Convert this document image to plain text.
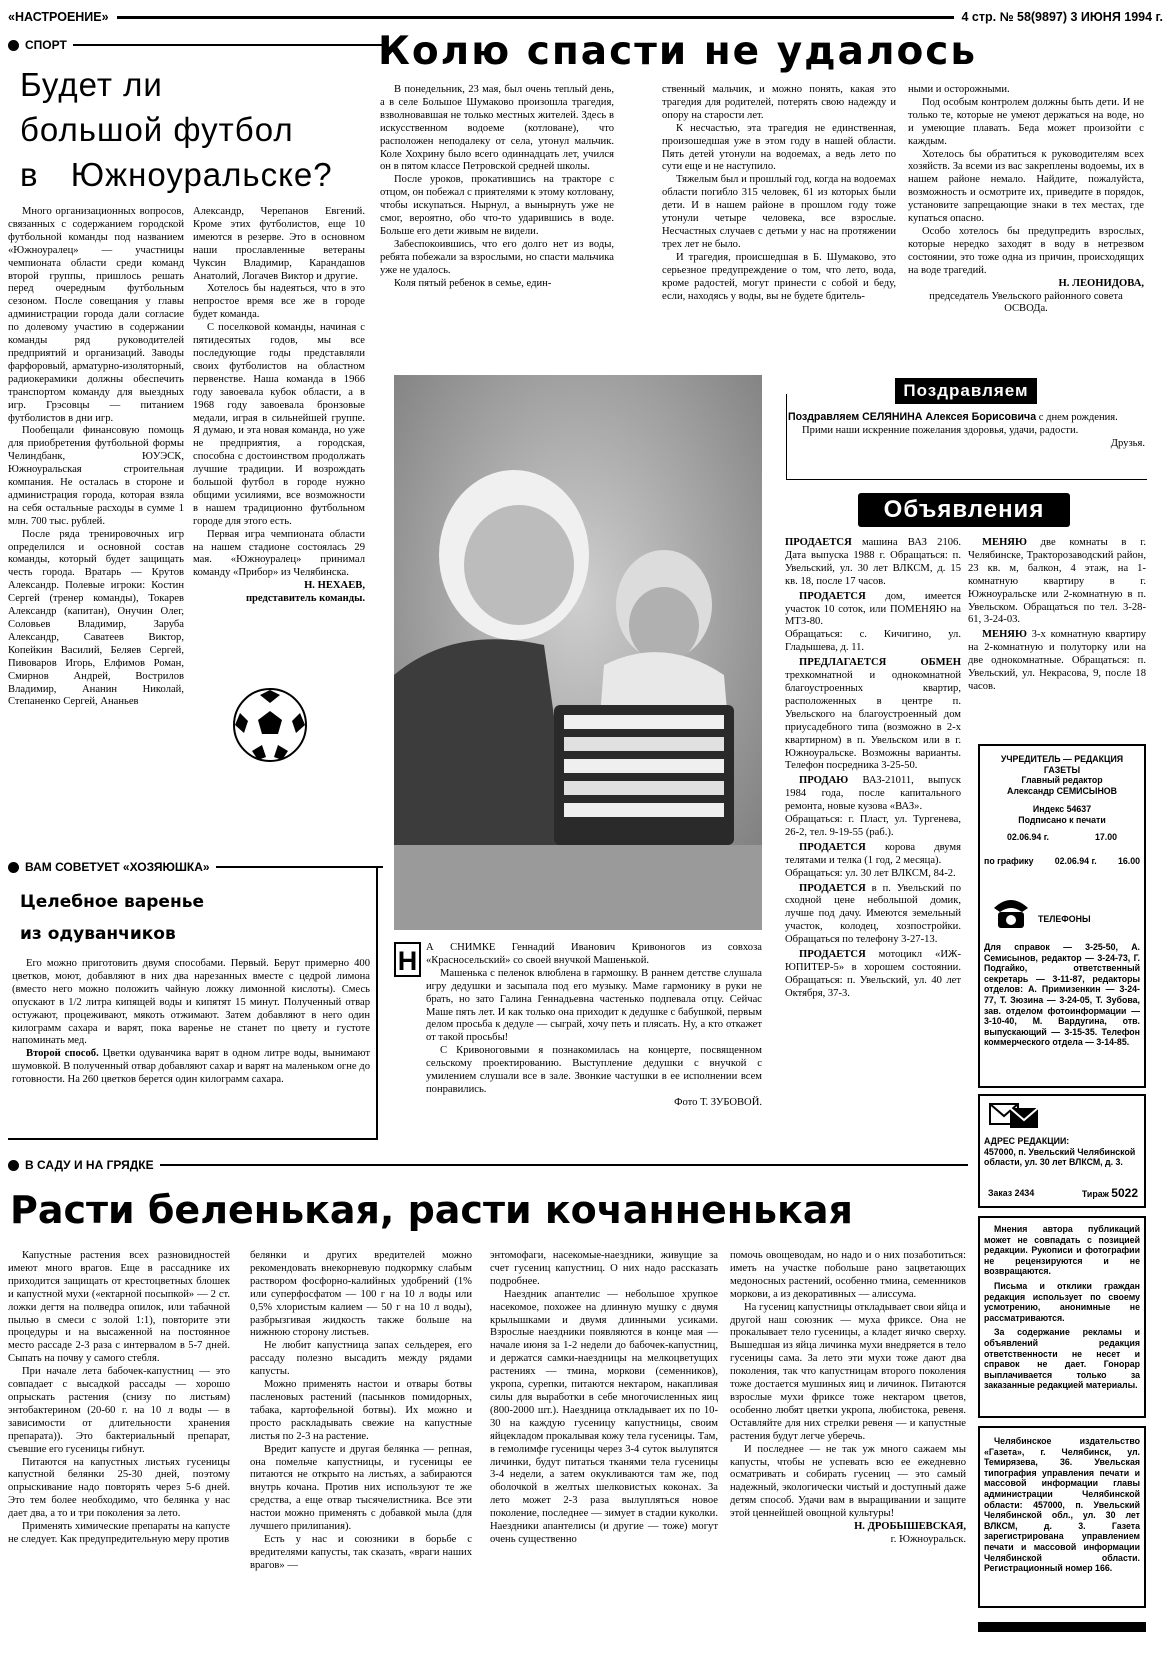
«НАСТРОЕНИЕ»	4 стр. № 58(9897) 3 ИЮНЯ 1994 г.
СПОРТ
Будет ли
большой футбол
в Южноуральске?

Много организационных вопросов, связанных с содержанием городской футбольной команды под названием «Южноуралец» — участницы чемпионата области среди команд второй группы, пришлось решать перед очередным футбольным сезоном. После совещания у главы администрации города дали согласие по долевому участию в содержании команды ряд руководителей предприятий и организаций. Заводы фарфоровый, арматурно-изоляторный, радиокерамики должны обеспечить транспортом команду для выездных игр. Грэсовцы — питанием футболистов в дни игр.

Пообещали финансовую помощь для приобретения футбольной формы Челиндбанк, ЮУЭСК, Южноуральская строительная компания. Не осталась в стороне и администрация города, которая взяла на себя остальные расходы в сумме 1 млн. 700 тыс. рублей.

После ряда тренировочных игр определился и основной состав команды, который будет защищать честь города. Вратарь — Крутов Александр. Полевые игроки: Костин Сергей (тренер команды), Токарев Александр (капитан), Онучин Олег, Соловьев Владимир, Заруба Александр, Саватеев Виктор, Копейкин Василий, Беляев Сергей, Пивоваров Игорь, Елфимов Роман, Смирнов Андрей, Вострилов Владимир, Ананин Николай, Степаненко Сергей, Ананьев

Александр, Черепанов Евгений. Кроме этих футболистов, еще 10 имеются в резерве. Это в основном наши прославленные ветераны Чуксин Владимир, Карандашов Анатолий, Логачев Виктор и другие.

Хотелось бы надеяться, что в это непростое время все же в городе будет команда.

С поселковой команды, начиная с пятидесятых годов, мы все последующие годы представляли своих футболистов на областном первенстве. Наша команда в 1966 году завоевала кубок области, а в 1968 году завоевала бронзовые медали, играя в сильнейшей группе. Я думаю, и эта новая команда, но уже не предприятия, а городская, способна с достоинством продолжать лучшие традиции. И возрождать большой футбол в городе нужно общими усилиями, все возможности в нашем традиционно футбольном городе для этого есть.

Первая игра чемпионата области на нашем стадионе состоялась 29 мая. «Южноуралец» принимал команду «Прибор» из Челябинска.

Н. НЕХАЕВ,
представитель команды.
Колю спасти не удалось

В понедельник, 23 мая, был очень теплый день, а в селе Большое Шумаково произошла трагедия, взволновавшая не только местных жителей. Здесь в искусственном водоеме (котловане), что расположен неподалеку от села, утонул мальчик. Коле Хохрину было всего одиннадцать лет, учился он в пятом классе Петровской средней школы.

После уроков, прокатившись на тракторе с отцом, он побежал с приятелями к этому котловану, чтобы искупаться. Нырнул, а вынырнуть уже не смог, вероятно, обо что-то ударившись в воде. Больше его дети живым не видели.

Забеспокоившись, что его долго нет из воды, ребята побежали за взрослыми, но спасти мальчика уже не удалось.

Коля пятый ребенок в семье, един-

ственный мальчик, и можно понять, какая это трагедия для родителей, потерять свою надежду и опору на старости лет.

К несчастью, эта трагедия не единственная, произошедшая уже в этом году в нашей области. Пять детей утонули на водоемах, а ведь лето по сути еще и не наступило.

Тяжелым был и прошлый год, когда на водоемах области погибло 315 человек, 61 из которых были дети. И в нашем районе в прошлом году тоже утонули четыре человека, все взрослые. Несчастных случаев с детьми у нас на протяжении трех лет не было.

И трагедия, происшедшая в Б. Шумаково, это серьезное предупреждение о том, что лето, вода, кроме радостей, могут принести с собой и беду, если, находясь у воды, вы не будете бдитель-

ными и осторожными.

Под особым контролем должны быть дети. И не только те, которые не умеют держаться на воде, но и умеющие плавать. Беда может произойти с каждым.

Хотелось бы обратиться к руководителям всех хозяйств. За всеми из вас закреплены водоемы, их в нашем районе немало. Найдите, пожалуйста, возможность и осмотрите их, приведите в порядок, установите запрещающие знаки в тех местах, где купаться опасно.

Особо хотелось бы предупредить взрослых, которые нередко заходят в воду в нетрезвом состоянии, это тоже одна из причин, происходящих на воде трагедий.

Н. ЛЕОНИДОВА,
председатель Увельского районного совета ОСВОДа.
Н А СНИМКЕ Геннадий Иванович Кривоногов из совхоза «Красносельский» со своей внучкой Машенькой.

Машенька с пеленок влюблена в гармошку. В раннем детстве слушала игру дедушки и засыпала под его музыку. Маме гармонику в руки не брать, но зато Галина Геннадьевна частенько подпевала отцу. Сейчас Маше пять лет. И как только она приходит к дедушке с бабушкой, первым делом просьба к дедуле — сыграй, хочу петь и плясать. Ну, а кто откажет от такой просьбы!

С Кривоноговыми я познакомилась на концерте, посвященном сельскому проектированию. Выступление дедушки с внучкой с умилением слушали все в зале. Звонкие частушки в ее исполнении всем понравились.

Фото Т. ЗУБОВОЙ.
Поздравляем
Поздравляем СЕЛЯНИНА Алексея Борисовича с днем рождения.
Прими наши искренние пожелания здоровья, удачи, радости.
Друзья.
Объявления

ПРОДАЕТСЯ машина ВАЗ 2106. Дата выпуска 1988 г. Обращаться: п. Увельский, ул. 30 лет ВЛКСМ, д. 15 кв. 18, после 17 часов.

ПРОДАЕТСЯ дом, имеется участок 10 соток, или ПОМЕНЯЮ на МТЗ-80.
Обращаться: с. Кичигино, ул. Гладышева, д. 11.

ПРЕДЛАГАЕТСЯ ОБМЕН трехкомнатной и однокомнатной благоустроенных квартир, расположенных в центре п. Увельского на благоустроенный дом приусадебного типа (возможно в 2-х квартирном) в п. Увельском или в г. Южноуральске. Возможны варианты. Телефон посредника 3-25-50.

ПРОДАЮ ВАЗ-21011, выпуск 1984 года, после капитального ремонта, новые кузова «ВАЗ».
Обращаться: г. Пласт, ул. Тургенева, 26-2, тел. 9-19-55 (раб.).

ПРОДАЕТСЯ корова двумя телятами и телка (1 год, 2 месяца).
Обращаться: ул. 30 лет ВЛКСМ, 84-2.

ПРОДАЕТСЯ в п. Увельский по сходной цене небольшой домик, лучше под дачу. Имеются земельный участок, колодец, хозпостройки. Обращаться по телефону 3-27-13.

ПРОДАЕТСЯ мотоцикл «ИЖ-ЮПИТЕР-5» в хорошем состоянии. Обращаться: п. Увельский, ул. 40 лет Октября, 37-3.

МЕНЯЮ две комнаты в г. Челябинске, Тракторозаводский район, 23 кв. м, балкон, 4 этаж, на 1-комнатную квартиру в г. Южноуральске или 2-комнатную в п. Увельском. Обращаться по тел. 3-28-61, 3-24-03.

МЕНЯЮ 3-х комнатную квартиру на 2-комнатную и полуторку или на две однокомнатные. Обращаться: п. Увельский, ул. Некрасова, 9, после 18 часов.

УЧРЕДИТЕЛЬ — РЕДАКЦИЯ ГАЗЕТЫ
Главный редактор
Александр СЕМИСЫНОВ
Индекс 54637
Подписано к печати
02.06.94 г.	17.00
по графику 02.06.94 г. 16.00
ТЕЛЕФОНЫ
Для справок — 3-25-50, А. Семисынов, редактор — 3-24-73, Г. Подгайко, ответственный секретарь — 3-11-87, редакторы отделов: А. Примизенкин — 3-24-77, Т. Зюзина — 3-24-05, Т. Зубова, зав. отделом фотоинформации — 3-10-40, М. Вардугина, отв. выпускающий — 3-15-35. Телефон коммерческого отдела — 3-14-85.
АДРЕС РЕДАКЦИИ:
457000, п. Увельский Челябинской области, ул. 30 лет ВЛКСМ, д. 3.
Заказ 2434	Тираж 5022

Мнения автора публикаций может не совпадать с позицией редакции. Рукописи и фотографии не рецензируются и не возвращаются.

Письма и отклики граждан редакция использует по своему усмотрению, анонимные не рассматриваются.

За содержание рекламы и объявлений редакция ответственности не несет и справок не дает. Гонорар выплачивается только за заказанные редакцией материалы.

Челябинское издательство «Газета», г. Челябинск, ул. Темирязева, 36. Увельская типография управления печати и массовой информации главы администрации Челябинской области: 457000, п. Увельский Челябинской обл., ул. 30 лет ВЛКСМ, д. 3. Газета зарегистрирована управлением печати и массовой информации Челябинской области. Регистрационный номер 166.
ВАМ СОВЕТУЕТ «ХОЗЯЮШКА»
Целебное варенье
из одуванчиков

Его можно приготовить двумя способами. Первый. Берут примерно 400 цветков, моют, добавляют в них два нарезанных вместе с цедрой лимона (вместо него можно положить чайную ложку лимонной кислоты). Смесь опускают в 1/2 литра кипящей воды и кипятят 15 минут. Полученный отвар остужают, процеживают, мякоть отжимают. Затем добавляют в него один килограмм сахара и варят, пока варенье не станет по цвету и густоте напоминать мед.

Второй способ. Цветки одуванчика варят в одном литре воды, вынимают шумовкой. В полученный отвар добавляют сахар и варят на маленьком огне до готовности. На 260 цветков берется один килограмм сахара.

В САДУ И НА ГРЯДКЕ
Расти беленькая, расти кочанненькая

Капустные растения всех разновидностей имеют много врагов. Еще в рассаднике их приходится защищать от крестоцветных блошек и капустной мухи («ектарной посыпкой» — 2 ст. ложки дегтя на полведра опилок, или табачной пылью в смеси с золой 1:1), повторите эти процедуры и на высаженной на постоянное место рассаде 2-3 раза с интервалом в 5-7 дней. Сыпать на почву у самого стебля.

При начале лета бабочек-капустниц — это совпадает с высадкой рассады — хорошо опрыскать растения (снизу по листьям) энтобактерином (20-60 г. на 10 л воды — в зависимости от длительности хранения препарата)). Это бактериальный препарат, съевшие его гусеницы гибнут.

Питаются на капустных листьях гусеницы капустной белянки 25-30 дней, поэтому опрыскивание надо повторять через 5-6 дней. Это тем более необходимо, что белянка у нас дает два, а то и три поколения за лето.

Применять химические препараты на капусте не следует. Как предупредительную меру против

белянки и других вредителей можно рекомендовать внекорневую подкормку слабым раствором фосфорно-калийных удобрений (1% или суперфосфатом — 100 г на 10 л воды или 0,5% хлористым калием — 50 г на 10 л воды), разбрызгивая жидкость также больше на нижнюю сторону листьев.

Не любит капустница запах сельдерея, его рассаду полезно высадить между рядами капусты.

Можно применять настои и отвары ботвы пасленовых растений (пасынков помидорных, табака, картофельной ботвы). Их можно и просто раскладывать свежие на капустные листья по 2-3 на растение.

Вредит капусте и другая белянка — репная, она помельче капустницы, и гусеницы ее питаются не открыто на листьях, а забираются внутрь кочана. Против них используют те же средства, а еще отвар тысячелистника. Все эти настои можно применять с добавкой мыла (для лучшего прилипания).

Есть у нас и союзники в борьбе с вредителями капусты, так сказать, «враги наших врагов» —

энтомофаги, насекомые-наездники, живущие за счет гусениц капустниц. О них надо рассказать подробнее.

Наездник апантелис — небольшое хрупкое насекомое, похожее на длинную мушку с двумя крылышками и двумя длинными усиками. Взрослые наездники появляются в конце мая — начале июня за 1-2 недели до бабочек-капустниц, и держатся самки-наездницы на мелкоцветущих растениях — тмина, моркови (семенников), укропа, сурепки, питаются нектаром, накапливая силы для выработки в себе многочисленных яиц (800-2000 шт.). Наездница откладывает их по 10-30 на каждую гусеницу капустницы, своим яйцекладом прокалывая кожу тела гусеницы. Там, в гемолимфе гусеницы через 3-4 суток вылупятся личинки, будут питаться тканями тела гусеницы 3-4 недели, а затем окукливаются там же, под оболочкой в желтых шелковистых коконах. За лето может 2-3 раза вылупляться новое поколение, последнее — зимует в стадии куколки. Наездники апантелисы (и другие — тоже) могут очень существенно

помочь овощеводам, но надо и о них позаботиться: иметь на участке побольше рано зацветающих медоносных растений, особенно тмина, семенников моркови, а из декоративных — алиссума.

На гусениц капустницы откладывает свои яйца и другой наш союзник — муха фрикcе. Она не прокалывает тело гусеницы, а кладет яичко сверху. Вышедшая из яйца личинка мухи внедряется в тело гусеницы сама. За лето эти мухи тоже дают два поколения, так что капустницам второго поколения тоже достается мушиных яиц и личинок. Питаются взрослые мухи фрикcе тоже нектаром цветов, особенно любят цветки укропа, любистока, ревеня. Оставляйте для них стрелки ревеня — и капустные растения будут легче уберечь.

И последнее — не так уж много сажаем мы капусты, чтобы не успевать всю ее ежедневно осматривать и собирать гусениц — это самый надежный, экологически чистый и доступный даже детям способ. Удачи вам в выращивании и защите этой ценнейшей овощной культуры!

Н. ДРОБЫШЕВСКАЯ,
г. Южноуральск.
